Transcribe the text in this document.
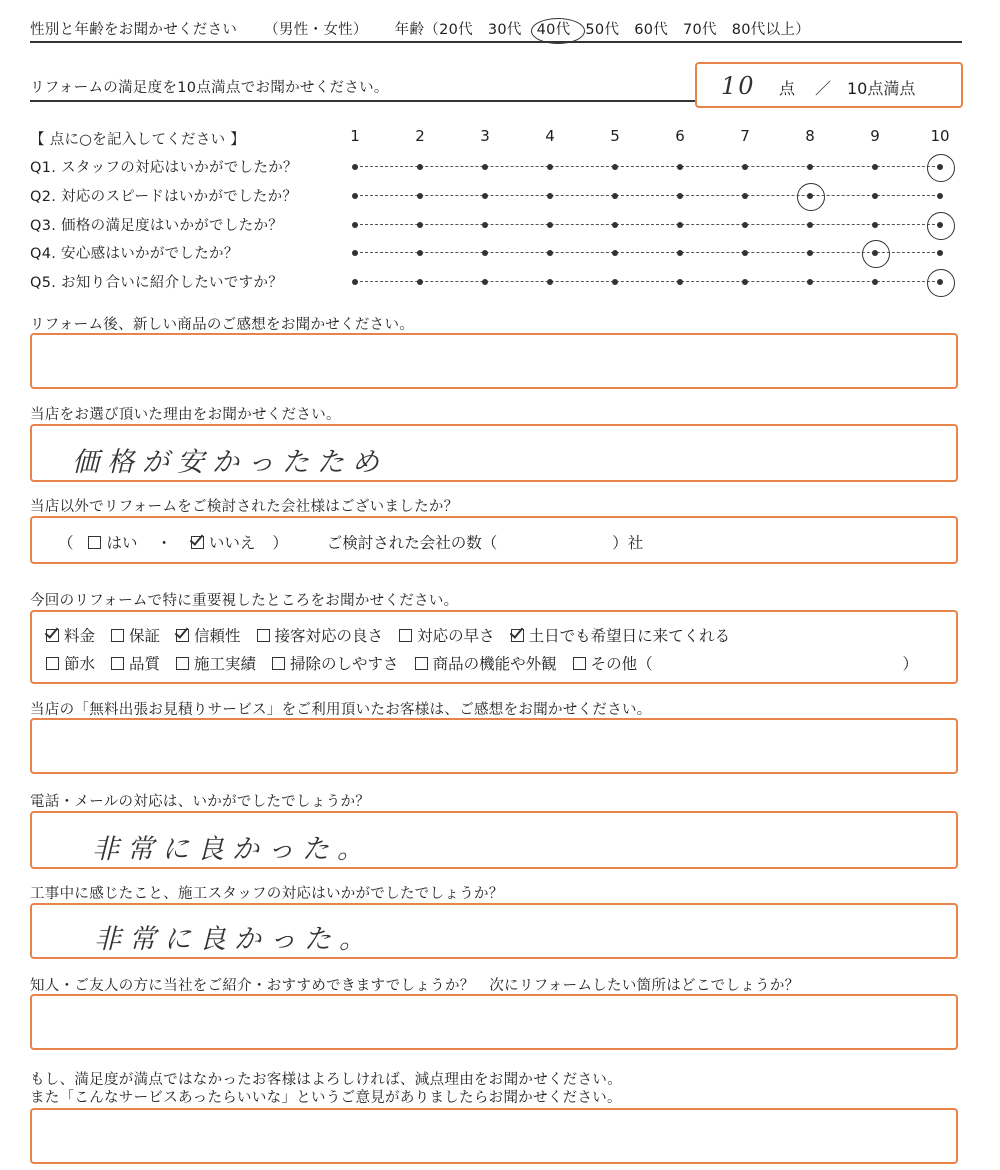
性別と年齢をお聞かせください （男性・女性） 年齢（20代 30代 40代 50代 60代 70代 80代以上）
リフォームの満足度を10点満点でお聞かせください。	10 点 ／ 10点満点
【 点に○を記入してください 】	1	2	3	4	5	6	7	8	9	10
Q1. スタッフの対応はいかがでしたか？
Q2. 対応のスピードはいかがでしたか？
Q3. 価格の満足度はいかがでしたか？
Q4. 安心感はいかがでしたか？
Q5. お知り合いに紹介したいですか？
リフォーム後、新しい商品のご感想をお聞かせください。
当店をお選び頂いた理由をお聞かせください。
価格が安かったため
当店以外でリフォームをご検討された会社様はございましたか？
（ はい ・ いいえ ）	ご検討された会社の数（	）社
今回のリフォームで特に重要視したところをお聞かせください。
料金 保証 信頼性 接客対応の良さ 対応の早さ 土日でも希望日に来てくれる
節水 品質 施工実績 掃除のしやすさ 商品の機能や外観 その他（	）
当店の「無料出張お見積りサービス」をご利用頂いたお客様は、ご感想をお聞かせください。
電話・メールの対応は、いかがでしたでしょうか？
非常に良かった。
工事中に感じたこと、施工スタッフの対応はいかがでしたでしょうか？
非常に良かった。
知人・ご友人の方に当社をご紹介・おすすめできますでしょうか？　次にリフォームしたい箇所はどこでしょうか？
もし、満足度が満点ではなかったお客様はよろしければ、減点理由をお聞かせください。
また「こんなサービスあったらいいな」というご意見がありましたらお聞かせください。
